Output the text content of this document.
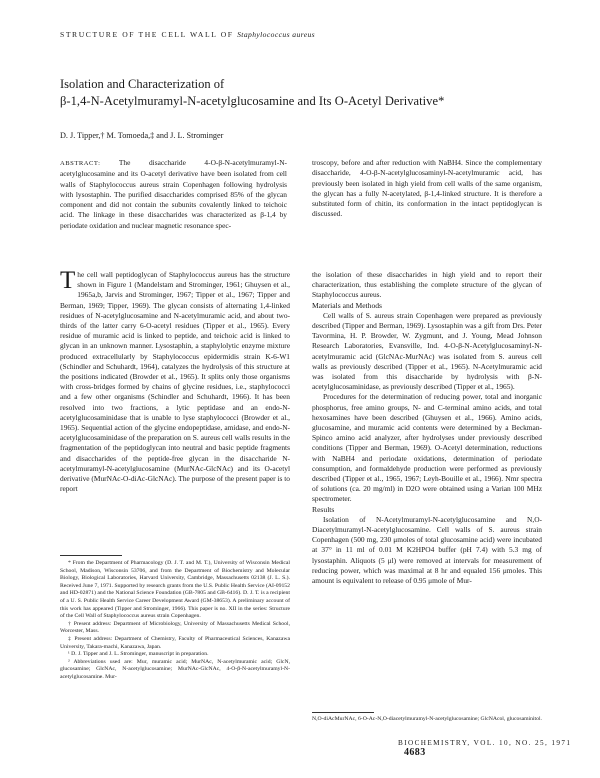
STRUCTURE OF THE CELL WALL OF Staphylococcus aureus
Isolation and Characterization of
β-1,4-N-Acetylmuramyl-N-acetylglucosamine and Its O-Acetyl Derivative*
D. J. Tipper,† M. Tomoeda,‡ and J. L. Strominger
ABSTRACT: The disaccharide 4-O-β-N-acetylmuramyl-N-acetylglucosamine and its O-acetyl derivative have been isolated from cell walls of Staphylococcus aureus strain Copenhagen following hydrolysis with lysostaphin. The purified disaccharides comprised 85% of the glycan component and did not contain the subunits covalently linked to teichoic acid. The linkage in these disaccharides was characterized as β-1,4 by periodate oxidation and nuclear magnetic resonance spec-
troscopy, before and after reduction with NaBH4. Since the complementary disaccharide, 4-O-β-N-acetylglucosaminyl-N-acetylmuramic acid, has previously been isolated in high yield from cell walls of the same organism, the glycan has a fully N-acetylated, β-1,4-linked structure. It is therefore a substituted form of chitin, its conformation in the intact peptidoglycan is discussed.

The cell wall peptidoglycan of Staphylococcus aureus has the structure shown in Figure 1 (Mandelstam and Strominger, 1961; Ghuysen et al., 1965a,b, Jarvis and Strominger, 1967; Tipper et al., 1967; Tipper and Berman, 1969; Tipper, 1969). The glycan consists of alternating 1,4-linked residues of N-acetylglucosamine and N-acetylmuramic acid, and about two-thirds of the latter carry 6-O-acetyl residues (Tipper et al., 1965). Every residue of muramic acid is linked to peptide, and teichoic acid is linked to glycan in an unknown manner. Lysostaphin, a staphylolytic enzyme mixture produced extracellularly by Staphylococcus epidermidis strain K-6-W1 (Schindler and Schuhardt, 1964), catalyzes the hydrolysis of this structure at the positions indicated (Browder et al., 1965). It splits only those organisms with cross-bridges formed by chains of glycine residues, i.e., staphylococci and a few other organisms (Schindler and Schuhardt, 1966). It has been resolved into two fractions, a lytic peptidase and an endo-N-acetylglucosaminidase that is unable to lyse staphylococci (Browder et al., 1965). Sequential action of the glycine endopeptidase, amidase, and endo-N-acetylglucosaminidase of the preparation on S. aureus cell walls results in the fragmentation of the peptidoglycan into neutral and basic peptide fragments and disaccharides of the peptide-free glycan in the disaccharide N-acetylmuramyl-N-acetylglucosamine (MurNAc-GlcNAc) and its O-acetyl derivative (MurNAc-O-diAc-GlcNAc). The purpose of the present paper is to report

* From the Department of Pharmacology (D. J. T. and M. T.), University of Wisconsin Medical School, Madison, Wisconsin 53706, and from the Department of Biochemistry and Molecular Biology, Biological Laboratories, Harvard University, Cambridge, Massachusetts 02138 (J. L. S.). Received June 7, 1971. Supported by research grants from the U.S. Public Health Service (AI-09152 and HD-02871) and the National Science Foundation (GB-7805 and GB-6416). D. J. T. is a recipient of a U. S. Public Health Service Career Development Award (GM-38653). A preliminary account of this work has appeared (Tipper and Strominger, 1966). This paper is no. XII in the series: Structure of the Cell Wall of Staphylococcus aureus strain Copenhagen.

† Present address: Department of Microbiology, University of Massachusetts Medical School, Worcester, Mass.

‡ Present address: Department of Chemistry, Faculty of Pharmaceutical Sciences, Kanazawa University, Takara-machi, Kanazawa, Japan.

¹ D. J. Tipper and J. L. Strominger, manuscript in preparation.

² Abbreviations used are: Mur, muramic acid; MurNAc, N-acetylmuramic acid; GlcN, glucosamine; GlcNAc, N-acetylglucosamine; MurNAc-GlcNAc, 4-O-β-N-acetylmuramyl-N-acetylglucosamine. Mur-

the isolation of these disaccharides in high yield and to report their characterization, thus establishing the complete structure of the glycan of Staphylococcus aureus.

Materials and Methods

Cell walls of S. aureus strain Copenhagen were prepared as previously described (Tipper and Berman, 1969). Lysostaphin was a gift from Drs. Peter Tavormina, H. P. Browder, W. Zygmunt, and J. Young, Mead Johnson Research Laboratories, Evansville, Ind. 4-O-β-N-Acetylglucosaminyl-N-acetylmuramic acid (GlcNAc-MurNAc) was isolated from S. aureus cell walls as previously described (Tipper et al., 1965). N-Acetylmuramic acid was isolated from this disaccharide by hydrolysis with β-N-acetylglucosaminidase, as previously described (Tipper et al., 1965).

Procedures for the determination of reducing power, total and inorganic phosphorus, free amino groups, N- and C-terminal amino acids, and total hexosamines have been described (Ghuysen et al., 1966). Amino acids, glucosamine, and muramic acid contents were determined by a Beckman-Spinco amino acid analyzer, after hydrolyses under previously described conditions (Tipper and Berman, 1969). O-Acetyl determination, reductions with NaBH4 and periodate oxidations, determination of periodate consumption, and formaldehyde production were performed as previously described (Tipper et al., 1965, 1967; Leyh-Bouille et al., 1966). Nmr spectra of solutions (ca. 20 mg/ml) in D2O were obtained using a Varian 100 MHz spectrometer.

Results

Isolation of N-Acetylmuramyl-N-acetylglucosamine and N,O-Diacetylmuramyl-N-acetylglucosamine. Cell walls of S. aureus strain Copenhagen (500 mg, 230 μmoles of total glucosamine acid) were incubated at 37° in 11 ml of 0.01 M K2HPO4 buffer (pH 7.4) with 5.3 mg of lysostaphin. Aliquots (5 μl) were removed at intervals for measurement of reducing power, which was maximal at 8 hr and equaled 156 μmoles. This amount is equivalent to release of 0.95 μmole of Mur-

N,O-diAcMurNAc, 6-O-Ac-N,O-diacetylmuramyl-N-acetylglucosamine; GlcNAcol, glucosaminitol.
BIOCHEMISTRY, VOL. 10, NO. 25, 1971 4683
